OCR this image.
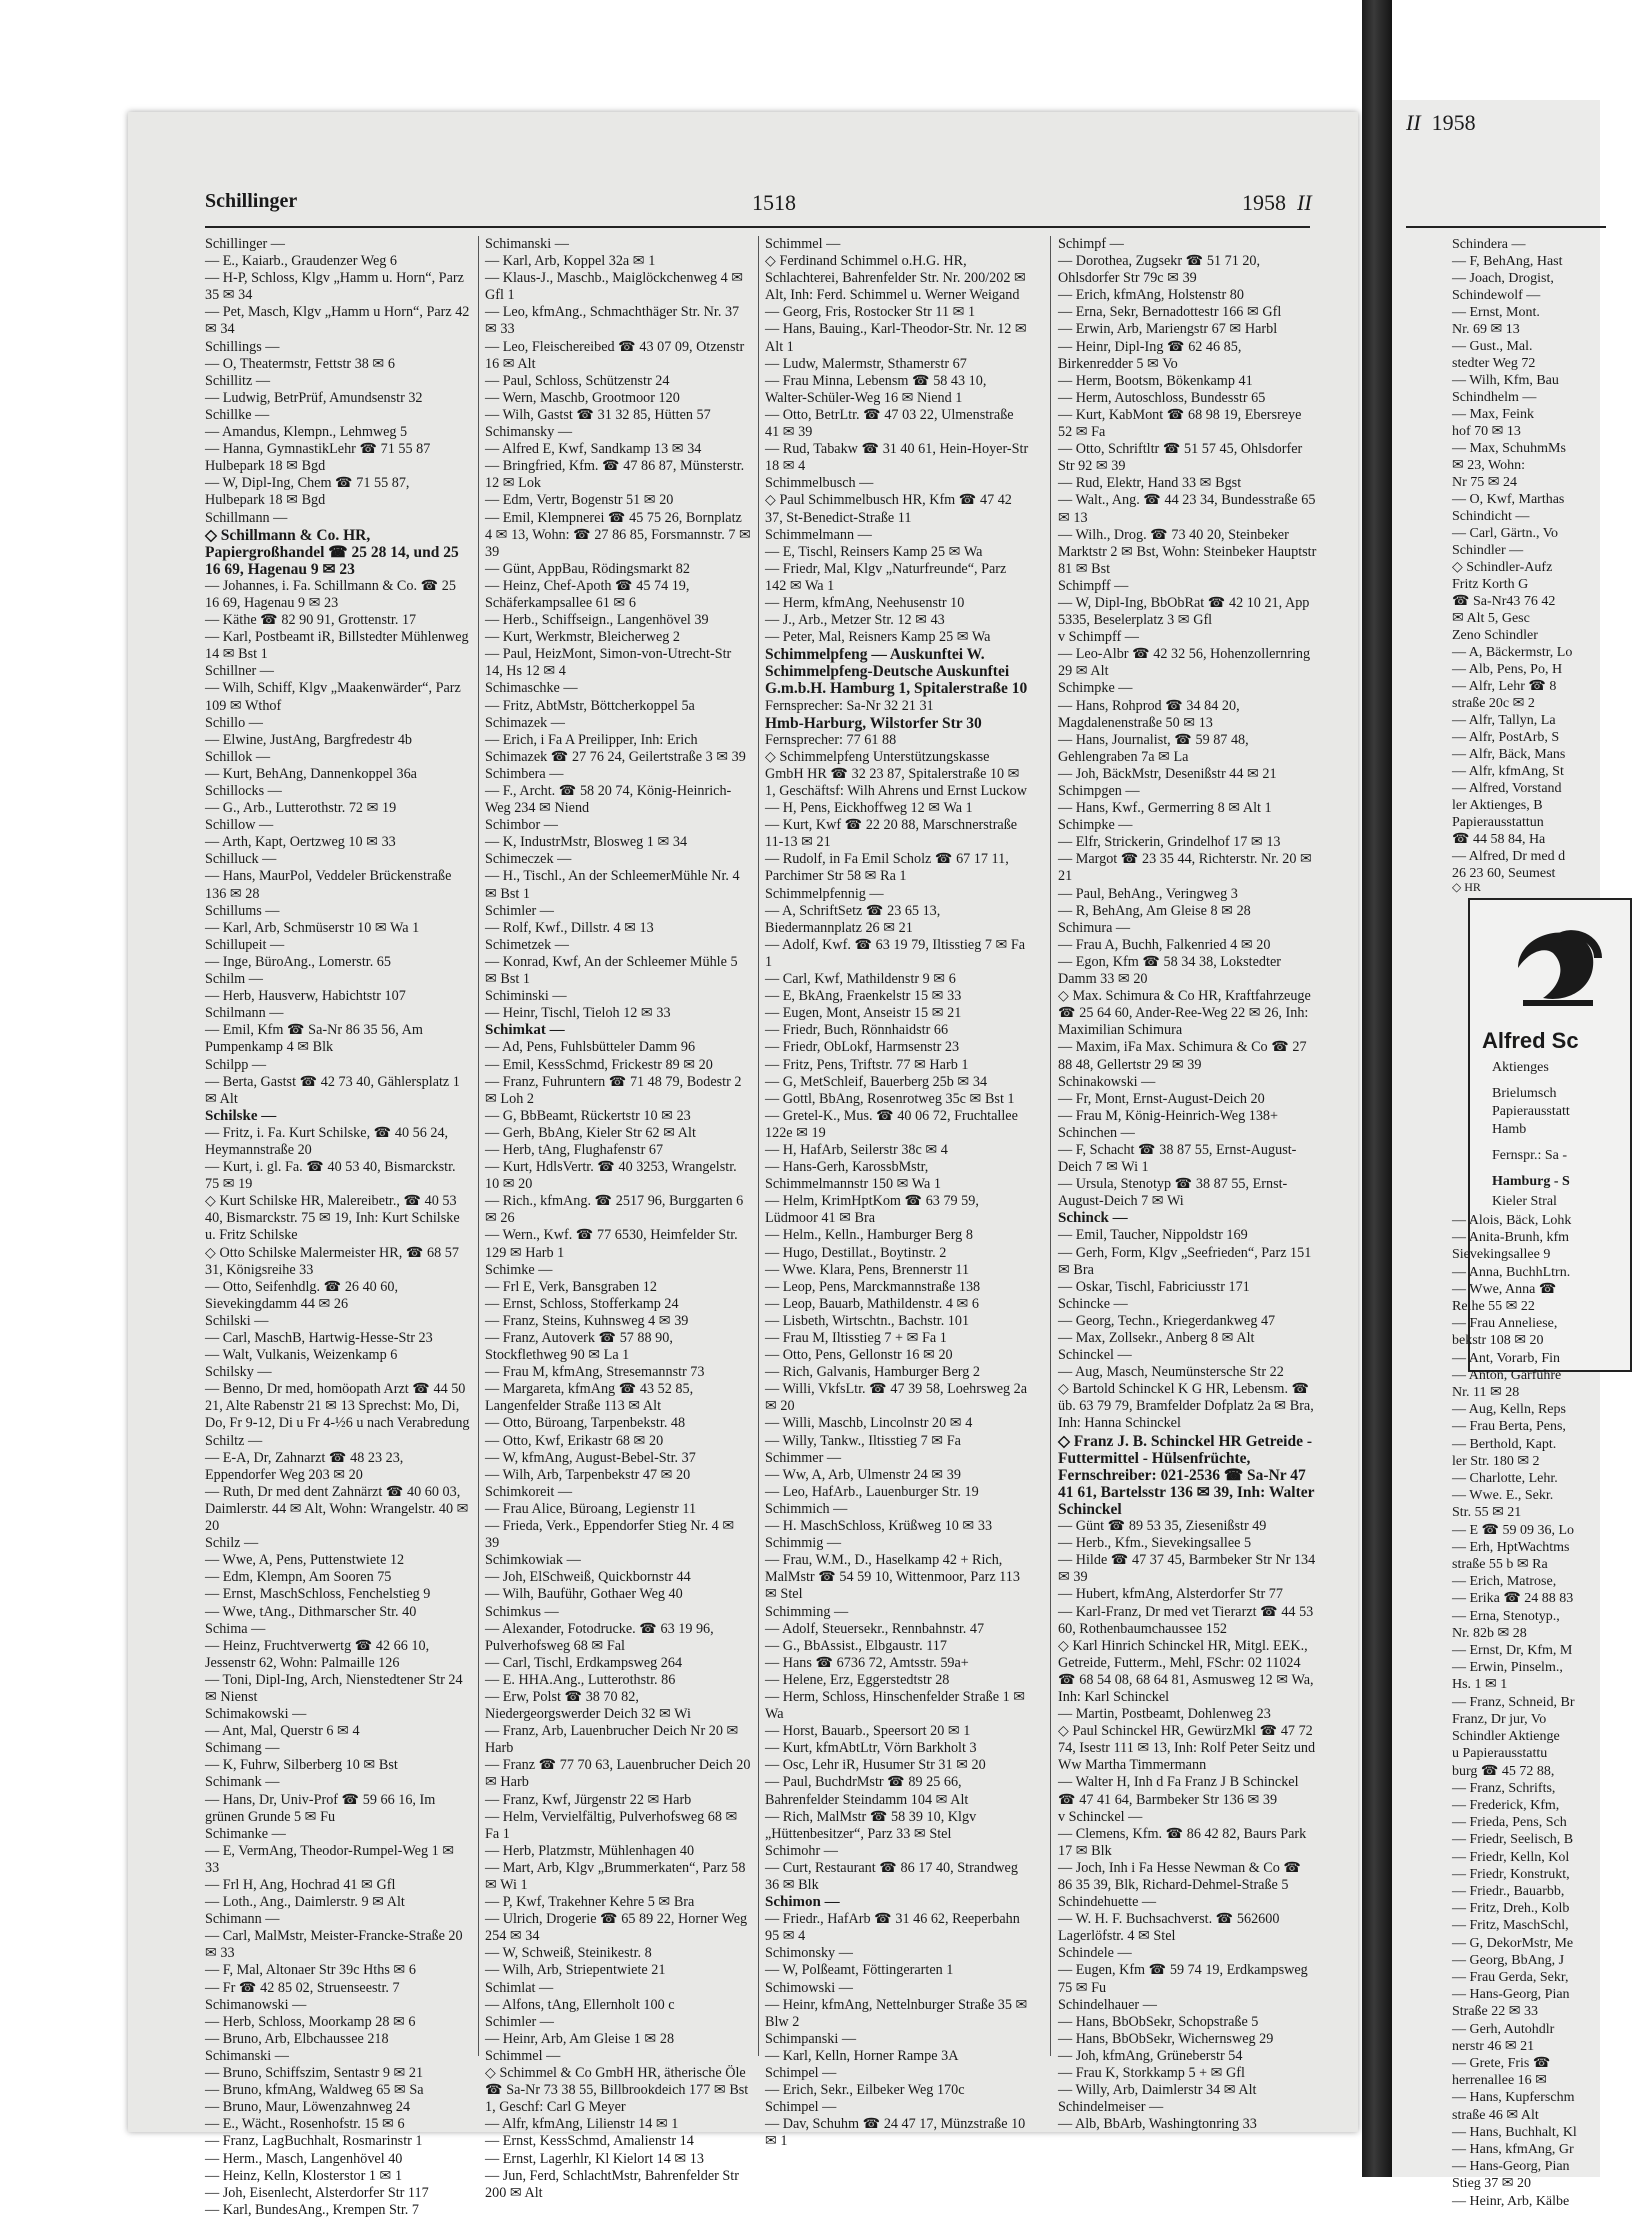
Schillinger	1518	1958 II
Schillinger —
— E., Kaiarb., Graudenzer Weg 6
— H-P, Schloss, Klgv „Hamm u. Horn“, Parz 35 ✉ 34
— Pet, Masch, Klgv „Hamm u Horn“, Parz 42 ✉ 34
Schillings —
— O, Theatermstr, Fettstr 38 ✉ 6
Schillitz —
— Ludwig, BetrPrüf, Amundsenstr 32
Schillke —
— Amandus, Klempn., Lehmweg 5
— Hanna, GymnastikLehr ☎ 71 55 87 Hulbepark 18 ✉ Bgd
— W, Dipl-Ing, Chem ☎ 71 55 87, Hulbepark 18 ✉ Bgd
Schillmann —
◇ Schillmann & Co. HR, Papiergroßhandel ☎ 25 28 14, und 25 16 69, Hagenau 9 ✉ 23
— Johannes, i. Fa. Schillmann & Co. ☎ 25 16 69, Hagenau 9 ✉ 23
— Käthe ☎ 82 90 91, Grottenstr. 17
— Karl, Postbeamt iR, Billstedter Mühlenweg 14 ✉ Bst 1
Schillner —
— Wilh, Schiff, Klgv „Maakenwärder“, Parz 109 ✉ Wthof
Schillo —
— Elwine, JustAng, Bargfredestr 4b
Schillok —
— Kurt, BehAng, Dannenkoppel 36a
Schillocks —
— G., Arb., Lutterothstr. 72 ✉ 19
Schillow —
— Arth, Kapt, Oertzweg 10 ✉ 33
Schilluck —
— Hans, MaurPol, Veddeler Brückenstraße 136 ✉ 28
Schillums —
— Karl, Arb, Schmüserstr 10 ✉ Wa 1
Schillupeit —
— Inge, BüroAng., Lomerstr. 65
Schilm —
— Herb, Hausverw, Habichtstr 107
Schilmann —
— Emil, Kfm ☎ Sa-Nr 86 35 56, Am Pumpenkamp 4 ✉ Blk
Schilpp —
— Berta, Gastst ☎ 42 73 40, Gählersplatz 1 ✉ Alt
Schilske —
— Fritz, i. Fa. Kurt Schilske, ☎ 40 56 24, Heymannstraße 20
— Kurt, i. gl. Fa. ☎ 40 53 40, Bismarckstr. 75 ✉ 19
◇ Kurt Schilske HR, Malereibetr., ☎ 40 53 40, Bismarckstr. 75 ✉ 19, Inh: Kurt Schilske u. Fritz Schilske
◇ Otto Schilske Malermeister HR, ☎ 68 57 31, Königsreihe 33
— Otto, Seifenhdlg. ☎ 26 40 60, Sievekingdamm 44 ✉ 26
Schilski —
— Carl, MaschB, Hartwig-Hesse-Str 23
— Walt, Vulkanis, Weizenkamp 6
Schilsky —
— Benno, Dr med, homöopath Arzt ☎ 44 50 21, Alte Rabenstr 21 ✉ 13 Sprechst: Mo, Di, Do, Fr 9-12, Di u Fr 4-½6 u nach Verabredung
Schiltz —
— E-A, Dr, Zahnarzt ☎ 48 23 23, Eppendorfer Weg 203 ✉ 20
— Ruth, Dr med dent Zahnärzt ☎ 40 60 03, Daimlerstr. 44 ✉ Alt, Wohn: Wrangelstr. 40 ✉ 20
Schilz —
— Wwe, A, Pens, Puttenstwiete 12
— Edm, Klempn, Am Sooren 75
— Ernst, MaschSchloss, Fenchelstieg 9
— Wwe, tAng., Dithmarscher Str. 40
Schima —
— Heinz, Fruchtverwertg ☎ 42 66 10, Jessenstr 62, Wohn: Palmaille 126
— Toni, Dipl-Ing, Arch, Nienstedtener Str 24 ✉ Nienst
Schimakowski —
— Ant, Mal, Querstr 6 ✉ 4
Schimang —
— K, Fuhrw, Silberberg 10 ✉ Bst
Schimank —
— Hans, Dr, Univ-Prof ☎ 59 66 16, Im grünen Grunde 5 ✉ Fu
Schimanke —
— E, VermAng, Theodor-Rumpel-Weg 1 ✉ 33
— Frl H, Ang, Hochrad 41 ✉ Gfl
— Loth., Ang., Daimlerstr. 9 ✉ Alt
Schimann —
— Carl, MalMstr, Meister-Francke-Straße 20 ✉ 33
— F, Mal, Altonaer Str 39c Hths ✉ 6
— Fr ☎ 42 85 02, Struenseestr. 7
Schimanowski —
— Herb, Schloss, Moorkamp 28 ✉ 6
— Bruno, Arb, Elbchaussee 218
Schimanski —
— Bruno, Schiffszim, Sentastr 9 ✉ 21
— Bruno, kfmAng, Waldweg 65 ✉ Sa
— Bruno, Maur, Löwenzahnweg 24
— E., Wächt., Rosenhofstr. 15 ✉ 6
— Franz, LagBuchhalt, Rosmarinstr 1
— Herm., Masch, Langenhövel 40
— Heinz, Kelln, Klosterstor 1 ✉ 1
— Joh, Eisenlecht, Alsterdorfer Str 117
— Karl, BundesAng., Krempen Str. 7
Schimanski —
— Karl, Arb, Koppel 32a ✉ 1
— Klaus-J., Maschb., Maiglöckchenweg 4 ✉ Gfl 1
— Leo, kfmAng., Schmachthäger Str. Nr. 37 ✉ 33
— Leo, Fleischereibed ☎ 43 07 09, Otzenstr 16 ✉ Alt
— Paul, Schloss, Schützenstr 24
— Wern, Maschb, Grootmoor 120
— Wilh, Gastst ☎ 31 32 85, Hütten 57
Schimansky —
— Alfred E, Kwf, Sandkamp 13 ✉ 34
— Bringfried, Kfm. ☎ 47 86 87, Münsterstr. 12 ✉ Lok
— Edm, Vertr, Bogenstr 51 ✉ 20
— Emil, Klempnerei ☎ 45 75 26, Bornplatz 4 ✉ 13, Wohn: ☎ 27 86 85, Forsmannstr. 7 ✉ 39
— Günt, AppBau, Rödingsmarkt 82
— Heinz, Chef-Apoth ☎ 45 74 19, Schäferkampsallee 61 ✉ 6
— Herb., Schiffseign., Langenhövel 39
— Kurt, Werkmstr, Bleicherweg 2
— Paul, HeizMont, Simon-von-Utrecht-Str 14, Hs 12 ✉ 4
Schimaschke —
— Fritz, AbtMstr, Böttcherkoppel 5a
Schimazek —
— Erich, i Fa A Preilipper, Inh: Erich Schimazek ☎ 27 76 24, Geilertstraße 3 ✉ 39
Schimbera —
— F., Archt. ☎ 58 20 74, König-Heinrich-Weg 234 ✉ Niend
Schimbor —
— K, IndustrMstr, Blosweg 1 ✉ 34
Schimeczek —
— H., Tischl., An der SchleemerMühle Nr. 4 ✉ Bst 1
Schimler —
— Rolf, Kwf., Dillstr. 4 ✉ 13
Schimetzek —
— Konrad, Kwf, An der Schleemer Mühle 5 ✉ Bst 1
Schiminski —
— Heinr, Tischl, Tieloh 12 ✉ 33
Schimkat —
— Ad, Pens, Fuhlsbütteler Damm 96
— Emil, KessSchmd, Frickestr 89 ✉ 20
— Franz, Fuhruntern ☎ 71 48 79, Bodestr 2 ✉ Loh 2
— G, BbBeamt, Rückertstr 10 ✉ 23
— Gerh, BbAng, Kieler Str 62 ✉ Alt
— Herb, tAng, Flughafenstr 67
— Kurt, HdlsVertr. ☎ 40 3253, Wrangelstr. 10 ✉ 20
— Rich., kfmAng. ☎ 2517 96, Burggarten 6 ✉ 26
— Wern., Kwf. ☎ 77 6530, Heimfelder Str. 129 ✉ Harb 1
Schimke —
— Frl E, Verk, Bansgraben 12
— Ernst, Schloss, Stofferkamp 24
— Franz, Steins, Kuhnsweg 4 ✉ 39
— Franz, Autoverk ☎ 57 88 90, Stockflethweg 90 ✉ La 1
— Frau M, kfmAng, Stresemannstr 73
— Margareta, kfmAng ☎ 43 52 85, Langenfelder Straße 113 ✉ Alt
— Otto, Büroang, Tarpenbekstr. 48
— Otto, Kwf, Erikastr 68 ✉ 20
— W, kfmAng, August-Bebel-Str. 37
— Wilh, Arb, Tarpenbekstr 47 ✉ 20
Schimkoreit —
— Frau Alice, Büroang, Legienstr 11
— Frieda, Verk., Eppendorfer Stieg Nr. 4 ✉ 39
Schimkowiak —
— Joh, ElSchweiß, Quickbornstr 44
— Wilh, Bauführ, Gothaer Weg 40
Schimkus —
— Alexander, Fotodrucke. ☎ 63 19 96, Pulverhofsweg 68 ✉ Fal
— Carl, Tischl, Erdkampsweg 264
— E. HHA.Ang., Lutterothstr. 86
— Erw, Polst ☎ 38 70 82, Niedergeorgswerder Deich 32 ✉ Wi
— Franz, Arb, Lauenbrucher Deich Nr 20 ✉ Harb
— Franz ☎ 77 70 63, Lauenbrucher Deich 20 ✉ Harb
— Franz, Kwf, Jürgenstr 22 ✉ Harb
— Helm, Vervielfältig, Pulverhofsweg 68 ✉ Fa 1
— Herb, Platzmstr, Mühlenhagen 40
— Mart, Arb, Klgv „Brummerkaten“, Parz 58 ✉ Wi 1
— P, Kwf, Trakehner Kehre 5 ✉ Bra
— Ulrich, Drogerie ☎ 65 89 22, Horner Weg 254 ✉ 34
— W, Schweiß, Steinikestr. 8
— Wilh, Arb, Striepentwiete 21
Schimlat —
— Alfons, tAng, Ellernholt 100 c
Schimler —
— Heinr, Arb, Am Gleise 1 ✉ 28
Schimmel —
◇ Schimmel & Co GmbH HR, ätherische Öle ☎ Sa-Nr 73 38 55, Billbrookdeich 177 ✉ Bst 1, Geschf: Carl G Meyer
— Alfr, kfmAng, Lilienstr 14 ✉ 1
— Ernst, KessSchmd, Amalienstr 14
— Ernst, Lagerhlr, Kl Kielort 14 ✉ 13
— Jun, Ferd, SchlachtMstr, Bahrenfelder Str 200 ✉ Alt
Schimmel —
◇ Ferdinand Schimmel o.H.G. HR, Schlachterei, Bahrenfelder Str. Nr. 200/202 ✉ Alt, Inh: Ferd. Schimmel u. Werner Weigand
— Georg, Fris, Rostocker Str 11 ✉ 1
— Hans, Bauing., Karl-Theodor-Str. Nr. 12 ✉ Alt 1
— Ludw, Malermstr, Sthamerstr 67
— Frau Minna, Lebensm ☎ 58 43 10, Walter-Schüler-Weg 16 ✉ Niend 1
— Otto, BetrLtr. ☎ 47 03 22, Ulmenstraße 41 ✉ 39
— Rud, Tabakw ☎ 31 40 61, Hein-Hoyer-Str 18 ✉ 4
Schimmelbusch —
◇ Paul Schimmelbusch HR, Kfm ☎ 47 42 37, St-Benedict-Straße 11
Schimmelmann —
— E, Tischl, Reinsers Kamp 25 ✉ Wa
— Friedr, Mal, Klgv „Naturfreunde“, Parz 142 ✉ Wa 1
— Herm, kfmAng, Neehusenstr 10
— J., Arb., Metzer Str. 12 ✉ 43
— Peter, Mal, Reisners Kamp 25 ✉ Wa
Schimmelpfeng — Auskunftei W. Schimmelpfeng-Deutsche Auskunftei G.m.b.H. Hamburg 1, Spitalerstraße 10
Fernsprecher: Sa-Nr 32 21 31
Hmb-Harburg, Wilstorfer Str 30
Fernsprecher: 77 61 88
◇ Schimmelpfeng Unterstützungskasse GmbH HR ☎ 32 23 87, Spitalerstraße 10 ✉ 1, Geschäftsf: Wilh Ahrens und Ernst Luckow
— H, Pens, Eickhoffweg 12 ✉ Wa 1
— Kurt, Kwf ☎ 22 20 88, Marschnerstraße 11-13 ✉ 21
— Rudolf, in Fa Emil Scholz ☎ 67 17 11, Parchimer Str 58 ✉ Ra 1
Schimmelpfennig —
— A, SchriftSetz ☎ 23 65 13, Biedermannplatz 26 ✉ 21
— Adolf, Kwf. ☎ 63 19 79, Iltisstieg 7 ✉ Fa 1
— Carl, Kwf, Mathildenstr 9 ✉ 6
— E, BkAng, Fraenkelstr 15 ✉ 33
— Eugen, Mont, Anseistr 15 ✉ 21
— Friedr, Buch, Rönnhaidstr 66
— Friedr, ObLokf, Harmsenstr 23
— Fritz, Pens, Triftstr. 77 ✉ Harb 1
— G, MetSchleif, Bauerberg 25b ✉ 34
— Gottl, BbAng, Rosenrotweg 35c ✉ Bst 1
— Gretel-K., Mus. ☎ 40 06 72, Fruchtallee 122e ✉ 19
— H, HafArb, Seilerstr 38c ✉ 4
— Hans-Gerh, KarossbMstr, Schimmelmannstr 150 ✉ Wa 1
— Helm, KrimHptKom ☎ 63 79 59, Lüdmoor 41 ✉ Bra
— Helm., Kelln., Hamburger Berg 8
— Hugo, Destillat., Boytinstr. 2
— Wwe. Klara, Pens, Brennerstr 11
— Leop, Pens, Marckmannstraße 138
— Leop, Bauarb, Mathildenstr. 4 ✉ 6
— Lisbeth, Wirtschtn., Bachstr. 101
— Frau M, Iltisstieg 7 + ✉ Fa 1
— Otto, Pens, Gellonstr 16 ✉ 20
— Rich, Galvanis, Hamburger Berg 2
— Willi, VkfsLtr. ☎ 47 39 58, Loehrsweg 2a ✉ 20
— Willi, Maschb, Lincolnstr 20 ✉ 4
— Willy, Tankw., Iltisstieg 7 ✉ Fa
Schimmer —
— Ww, A, Arb, Ulmenstr 24 ✉ 39
— Leo, HafArb., Lauenburger Str. 19
Schimmich —
— H. MaschSchloss, Krüßweg 10 ✉ 33
Schimmig —
— Frau, W.M., D., Haselkamp 42 + Rich, MalMstr ☎ 54 59 10, Wittenmoor, Parz 113 ✉ Stel
Schimming —
— Adolf, Steuersekr., Rennbahnstr. 47
— G., BbAssist., Elbgaustr. 117
— Hans ☎ 6736 72, Amtsstr. 59a+
— Helene, Erz, Eggerstedtstr 28
— Herm, Schloss, Hinschenfelder Straße 1 ✉ Wa
— Horst, Bauarb., Speersort 20 ✉ 1
— Kurt, kfmAbtLtr, Vörn Barkholt 3
— Osc, Lehr iR, Husumer Str 31 ✉ 20
— Paul, BuchdrMstr ☎ 89 25 66, Bahrenfelder Steindamm 104 ✉ Alt
— Rich, MalMstr ☎ 58 39 10, Klgv „Hüttenbesitzer“, Parz 33 ✉ Stel
Schimohr —
— Curt, Restaurant ☎ 86 17 40, Strandweg 36 ✉ Blk
Schimon —
— Friedr., HafArb ☎ 31 46 62, Reeperbahn 95 ✉ 4
Schimonsky —
— W, Polßeamt, Föttingerarten 1
Schimowski —
— Heinr, kfmAng, Nettelnburger Straße 35 ✉ Blw 2
Schimpanski —
— Karl, Kelln, Horner Rampe 3A
Schimpel —
— Erich, Sekr., Eilbeker Weg 170c
Schimpel —
— Dav, Schuhm ☎ 24 47 17, Münzstraße 10 ✉ 1
Schimpf —
— Dorothea, Zugsekr ☎ 51 71 20, Ohlsdorfer Str 79c ✉ 39
— Erich, kfmAng, Holstenstr 80
— Erna, Sekr, Bernadottestr 166 ✉ Gfl
— Erwin, Arb, Mariengstr 67 ✉ Harbl
— Heinr, Dipl-Ing ☎ 62 46 85, Birkenredder 5 ✉ Vo
— Herm, Bootsm, Bökenkamp 41
— Herm, Autoschloss, Bundesstr 65
— Kurt, KabMont ☎ 68 98 19, Ebersreye 52 ✉ Fa
— Otto, Schriftltr ☎ 51 57 45, Ohlsdorfer Str 92 ✉ 39
— Rud, Elektr, Hand 33 ✉ Bgst
— Walt., Ang. ☎ 44 23 34, Bundesstraße 65 ✉ 13
— Wilh., Drog. ☎ 73 40 20, Steinbeker Marktstr 2 ✉ Bst, Wohn: Steinbeker Hauptstr 81 ✉ Bst
Schimpff —
— W, Dipl-Ing, BbObRat ☎ 42 10 21, App 5335, Beselerplatz 3 ✉ Gfl
v Schimpff —
— Leo-Albr ☎ 42 32 56, Hohenzollernring 29 ✉ Alt
Schimpke —
— Hans, Rohprod ☎ 34 84 20, Magdalenenstraße 50 ✉ 13
— Hans, Journalist, ☎ 59 87 48, Gehlengraben 7a ✉ La
— Joh, BäckMstr, Desenißstr 44 ✉ 21
Schimpgen —
— Hans, Kwf., Germerring 8 ✉ Alt 1
Schimpke —
— Elfr, Strickerin, Grindelhof 17 ✉ 13
— Margot ☎ 23 35 44, Richterstr. Nr. 20 ✉ 21
— Paul, BehAng., Veringweg 3
— R, BehAng, Am Gleise 8 ✉ 28
Schimura —
— Frau A, Buchh, Falkenried 4 ✉ 20
— Egon, Kfm ☎ 58 34 38, Lokstedter Damm 33 ✉ 20
◇ Max. Schimura & Co HR, Kraftfahrzeuge ☎ 25 64 60, Ander-Ree-Weg 22 ✉ 26, Inh: Maximilian Schimura
— Maxim, iFa Max. Schimura & Co ☎ 27 88 48, Gellertstr 29 ✉ 39
Schinakowski —
— Fr, Mont, Ernst-August-Deich 20
— Frau M, König-Heinrich-Weg 138+
Schinchen —
— F, Schacht ☎ 38 87 55, Ernst-August-Deich 7 ✉ Wi 1
— Ursula, Stenotyp ☎ 38 87 55, Ernst-August-Deich 7 ✉ Wi
Schinck —
— Emil, Taucher, Nippoldstr 169
— Gerh, Form, Klgv „Seefrieden“, Parz 151 ✉ Bra
— Oskar, Tischl, Fabriciusstr 171
Schincke —
— Georg, Techn., Kriegerdankweg 47
— Max, Zollsekr., Anberg 8 ✉ Alt
Schinckel —
— Aug, Masch, Neumünstersche Str 22
◇ Bartold Schinckel K G HR, Lebensm. ☎ üb. 63 79 79, Bramfelder Dofplatz 2a ✉ Bra, Inh: Hanna Schinckel
◇ Franz J. B. Schinckel HR Getreide - Futtermittel - Hülsenfrüchte, Fernschreiber: 021-2536 ☎ Sa-Nr 47 41 61, Bartelsstr 136 ✉ 39, Inh: Walter Schinckel
— Günt ☎ 89 53 35, Ziesenißstr 49
— Herb., Kfm., Sievekingsallee 5
— Hilde ☎ 47 37 45, Barmbeker Str Nr 134 ✉ 39
— Hubert, kfmAng, Alsterdorfer Str 77
— Karl-Franz, Dr med vet Tierarzt ☎ 44 53 60, Rothenbaumchaussee 152
◇ Karl Hinrich Schinckel HR, Mitgl. EEK., Getreide, Futterm., Mehl, FSchr: 02 11024 ☎ 68 54 08, 68 64 81, Asmusweg 12 ✉ Wa, Inh: Karl Schinckel
— Martin, Postbeamt, Dohlenweg 23
◇ Paul Schinckel HR, GewürzMkl ☎ 47 72 74, Isestr 111 ✉ 13, Inh: Rolf Peter Seitz und Ww Martha Timmermann
— Walter H, Inh d Fa Franz J B Schinckel ☎ 47 41 64, Barmbeker Str 136 ✉ 39
v Schinckel —
— Clemens, Kfm. ☎ 86 42 82, Baurs Park 17 ✉ Blk
— Joch, Inh i Fa Hesse Newman & Co ☎ 86 35 39, Blk, Richard-Dehmel-Straße 5
Schindehuette —
— W. H. F. Buchsachverst. ☎ 562600 Lagerlöfstr. 4 ✉ Stel
Schindele —
— Eugen, Kfm ☎ 59 74 19, Erdkampsweg 75 ✉ Fu
Schindelhauer —
— Hans, BbObSekr, Schopstraße 5
— Hans, BbObSekr, Wichernsweg 29
— Joh, kfmAng, Grüneberstr 54
— Frau K, Storkkamp 5 + ✉ Gfl
— Willy, Arb, Daimlerstr 34 ✉ Alt
Schindelmeiser —
— Alb, BbArb, Washingtonring 33
II 1958
Schindera —
— F, BehAng, Hast
— Joach, Drogist,
Schindewolf —
— Ernst, Mont.
Nr. 69 ✉ 13
— Gust., Mal.
stedter Weg 72
— Wilh, Kfm, Bau
Schindhelm —
— Max, Feink
hof 70 ✉ 13
— Max, SchuhmMs
✉ 23, Wohn:
Nr 75 ✉ 24
— O, Kwf, Marthas
Schindicht —
— Carl, Gärtn., Vo
Schindler —
◇ Schindler-Aufz
Fritz Korth G
☎ Sa-Nr43 76 42
✉ Alt 5, Gesc
Zeno Schindler
— A, Bäckermstr, Lo
— Alb, Pens, Po, H
— Alfr, Lehr ☎ 8
straße 20c ✉ 2
— Alfr, Tallyn, La
— Alfr, PostArb, S
— Alfr, Bäck, Mans
— Alfr, kfmAng, St
— Alfred, Vorstand
ler Aktienges, B
Papierausstattun
☎ 44 58 84, Ha
— Alfred, Dr med d
26 23 60, Seumest
◇ HR
Alfred Sc
Aktienges
Brielumsch
Papierausstatt
Hamb
Fernspr.: Sa -
Hamburg - S
Kieler Stral
— Alois, Bäck, Lohk
— Anita-Brunh, kfm
Sievekingsallee 9
— Anna, BuchhLtrn.
— Wwe, Anna ☎
Reihe 55 ✉ 22
— Frau Anneliese,
bekstr 108 ✉ 20
— Ant, Vorarb, Fin
— Anton, Gärführe
Nr. 11 ✉ 28
— Aug, Kelln, Reps
— Frau Berta, Pens,
— Berthold, Kapt.
ler Str. 180 ✉ 2
— Charlotte, Lehr.
— Wwe. E., Sekr.
Str. 55 ✉ 21
— E ☎ 59 09 36, Lo
— Erh, HptWachtms
straße 55 b ✉ Ra
— Erich, Matrose,
— Erika ☎ 24 88 83
— Erna, Stenotyp.,
Nr. 82b ✉ 28
— Ernst, Dr, Kfm, M
— Erwin, Pinselm.,
Hs. 1 ✉ 1
— Franz, Schneid, Br
Franz, Dr jur, Vo
Schindler Aktienge
u Papierausstattu
burg ☎ 45 72 88,
— Franz, Schrifts,
— Frederick, Kfm,
— Frieda, Pens, Sch
— Friedr, Seelisch, B
— Friedr, Kelln, Kol
— Friedr, Konstrukt,
— Friedr., Bauarbb,
— Fritz, Dreh., Kolb
— Fritz, MaschSchl,
— G, DekorMstr, Me
— Georg, BbAng, J
— Frau Gerda, Sekr,
— Hans-Georg, Pian
Straße 22 ✉ 33
— Gerh, Autohdlr
nerstr 46 ✉ 21
— Grete, Fris ☎
herrenallee 16 ✉
— Hans, Kupferschm
straße 46 ✉ Alt
— Hans, Buchhalt, Kl
— Hans, kfmAng, Gr
— Hans-Georg, Pian
Stieg 37 ✉ 20
— Heinr, Arb, Kälbe
